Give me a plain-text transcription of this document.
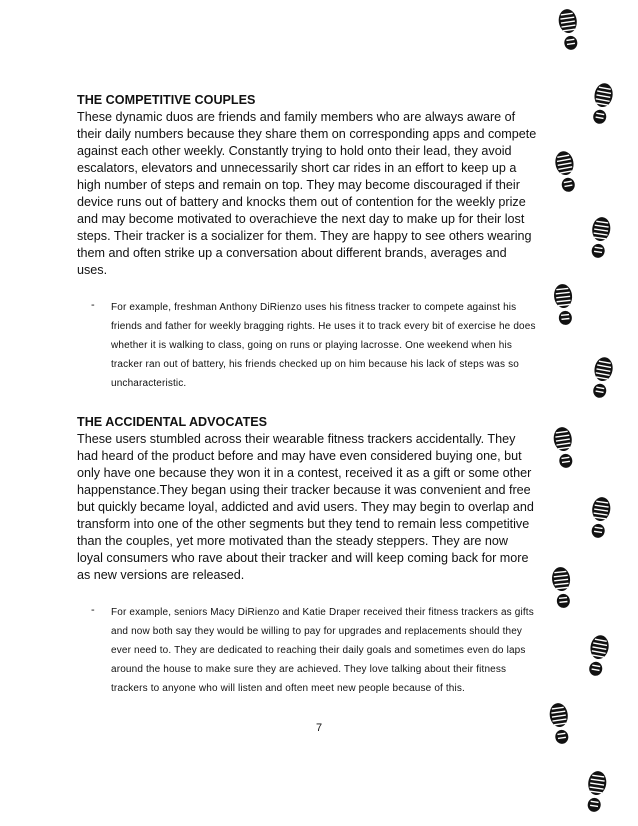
THE COMPETITIVE COUPLES

These dynamic duos are friends and family members who are always aware of their daily numbers because they share them on corresponding apps and compete against each other weekly. Constantly trying to hold onto their lead, they avoid escalators, elevators and unnecessarily short car rides in an effort to keep up a high number of steps and remain on top. They may become discouraged if their device runs out of battery and knocks them out of contention for the weekly prize and may become motivated to overachieve the next day to make up for their lost steps. Their tracker is a socializer for them. They are happy to see others wearing them and often strike up a conversation about different brands, averages and uses.

- For example, freshman Anthony DiRienzo uses his fitness tracker to compete against his friends and father for weekly bragging rights. He uses it to track every bit of exercise he does whether it is walking to class, going on runs or playing lacrosse. One weekend when his tracker ran out of battery, his friends checked up on him because his lack of steps was so uncharacteristic.
THE ACCIDENTAL ADVOCATES

These users stumbled across their wearable fitness trackers accidentally. They had heard of the product before and may have even considered buying one, but only have one because they won it in a contest, received it as a gift or some other happenstance.They began using their tracker because it was convenient and free but quickly became loyal, addicted and avid users. They may begin to overlap and transform into one of the other segments but they tend to remain less competitive than the couples, yet more motivated than the steady steppers. They are now loyal consumers who rave about their tracker and will keep coming back for more as new versions are released.

- For example, seniors Macy DiRienzo and Katie Draper received their fitness trackers as gifts and now both say they would be willing to pay for upgrades and replacements should they ever need to. They are dedicated to reaching their daily goals and sometimes even do laps around the house to make sure they are achieved. They love talking about their fitness trackers to anyone who will listen and often meet new people because of this.
7
